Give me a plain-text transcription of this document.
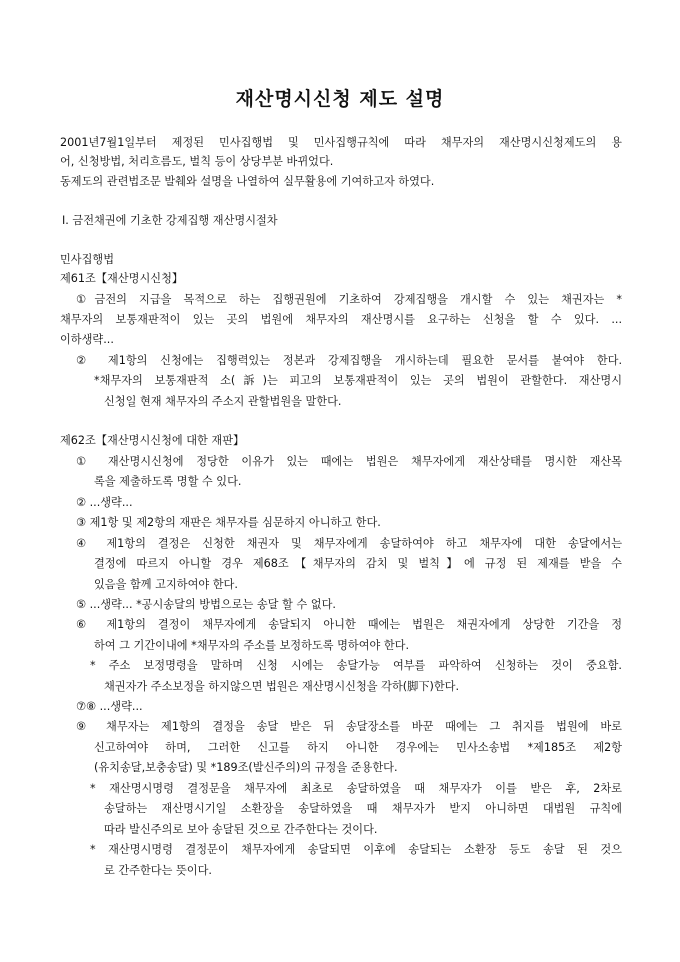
재산명시신청 제도 설명
2001년7월1일부터 제정된 민사집행법 및 민사집행규칙에 따라 채무자의 재산명시신청제도의 용
어, 신청방법, 처리흐름도, 벌칙 등이 상당부분 바뀌었다.
동제도의 관련법조문 발췌와 설명을 나열하여 실무활용에 기여하고자 하였다.
Ⅰ. 금전채권에 기초한 강제집행 재산명시절차
민사집행법
제61조【재산명시신청】
①금전의 지급을 목적으로 하는 집행권원에 기초하여 강제집행을 개시할 수 있는 채권자는 *
채무자의 보통재판적이 있는 곳의 법원에 채무자의 재산명시를 요구하는 신청을 할 수 있다. ...
이하생략...
② 제1항의 신청에는 집행력있는 정본과 강제집행을 개시하는데 필요한 문서를 붙여야 한다.
*채무자의 보통재판적 소(訴)는 피고의 보통재판적이 있는 곳의 법원이 관할한다. 재산명시
신청일 현재 채무자의 주소지 관할법원을 말한다.
제62조【재산명시신청에 대한 재판】
① 재산명시신청에 정당한 이유가 있는 때에는 법원은 채무자에게 재산상태를 명시한 재산목
록을 제출하도록 명할 수 있다.
② ...생략...
③ 제1항 및 제2항의 재판은 채무자를 심문하지 아니하고 한다.
④ 제1항의 결정은 신청한 채권자 및 채무자에게 송달하여야 하고 채무자에 대한 송달에서는
결정에 따르지 아니할 경우 제68조【채무자의 감치 및 벌칙】에 규정 된 제재를 받을 수
있음을 함께 고지하여야 한다.
⑤ ...생략... *공시송달의 방법으로는 송달 할 수 없다.
⑥ 제1항의 결정이 채무자에게 송달되지 아니한 때에는 법원은 채권자에게 상당한 기간을 정
하여 그 기간이내에 *채무자의 주소를 보정하도록 명하여야 한다.
* 주소 보정명령을 말하며 신청 시에는 송달가능 여부를 파악하여 신청하는 것이 중요함.
채권자가 주소보정을 하지않으면 법원은 재산명시신청을 각하(脚下)한다.
⑦⑧ ...생략...
⑨ 채무자는 제1항의 결정을 송달 받은 뒤 송달장소를 바꾼 때에는 그 취지를 법원에 바로
신고하여야 하며, 그러한 신고를 하지 아니한 경우에는 민사소송법 *제185조 제2항
(유치송달,보충송달) 및 *189조(발신주의)의 규정을 준용한다.
* 재산명시명령 결정문을 채무자에 최초로 송달하였을 때 채무자가 이를 받은 후, 2차로
송달하는 재산명시기일 소환장을 송달하였을 때 채무자가 받지 아니하면 대법원 규칙에
따라 발신주의로 보아 송달된 것으로 간주한다는 것이다.
* 재산명시명령 결정문이 채무자에게 송달되면 이후에 송달되는 소환장 등도 송달 된 것으
로 간주한다는 뜻이다.
